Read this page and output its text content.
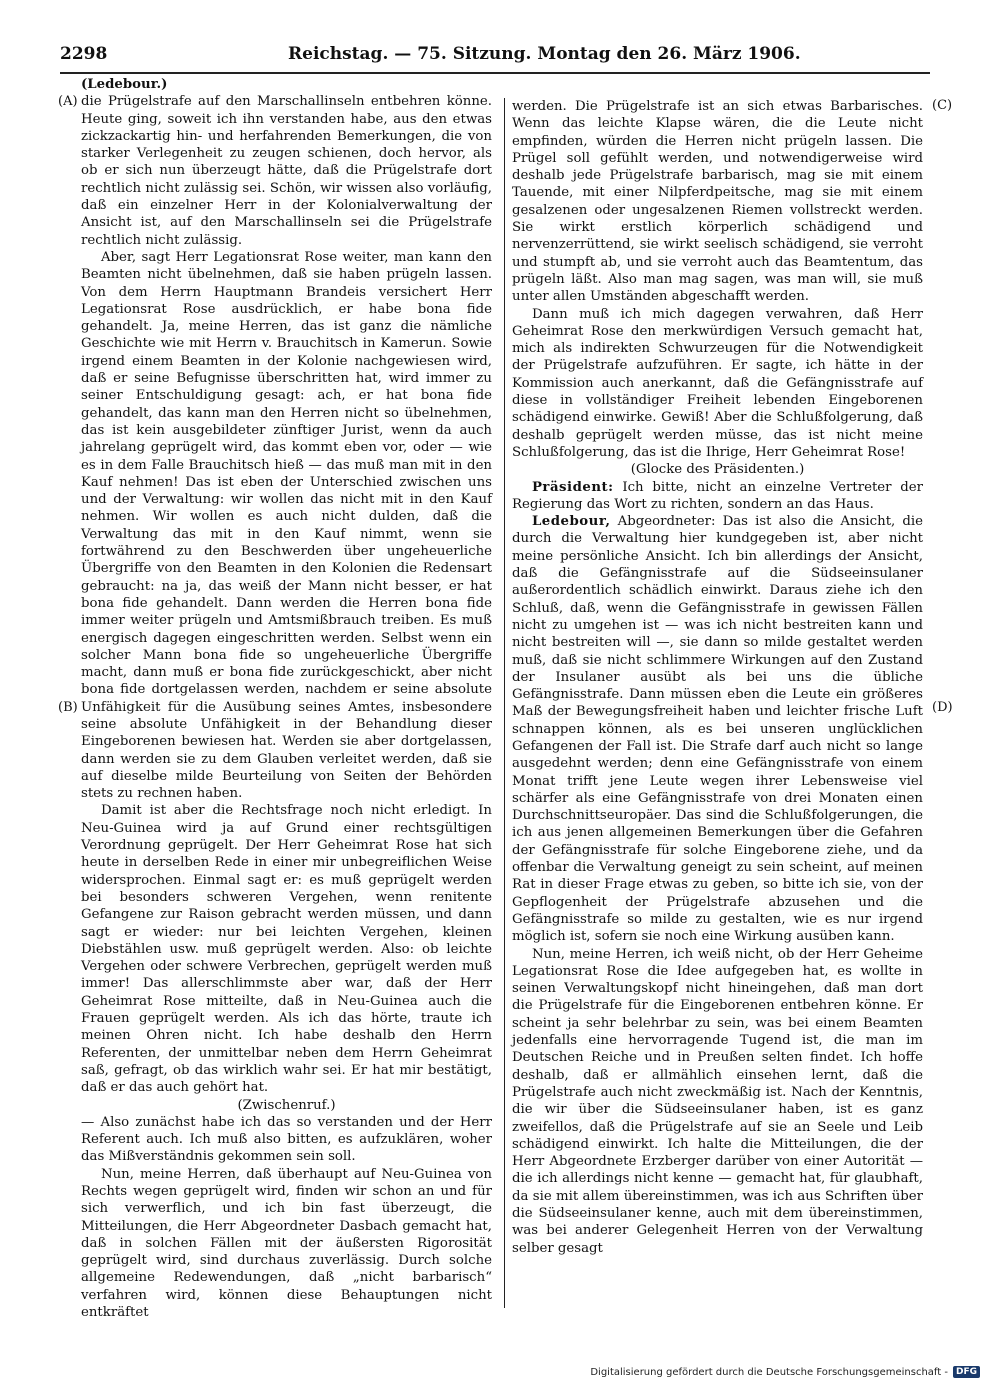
2298	Reichstag. — 75. Sitzung. Montag den 26. März 1906.
(A)
(B)
(C)
(D)

(Ledebour.)

die Prügelstrafe auf den Marschallinseln entbehren könne. Heute ging, soweit ich ihn verstanden habe, aus den etwas zickzackartig hin- und herfahrenden Bemerkungen, die von starker Verlegenheit zu zeugen schienen, doch hervor, als ob er sich nun überzeugt hätte, daß die Prügelstrafe dort rechtlich nicht zulässig sei. Schön, wir wissen also vorläufig, daß ein einzelner Herr in der Kolonialverwaltung der Ansicht ist, auf den Marschallinseln sei die Prügelstrafe rechtlich nicht zulässig.

Aber, sagt Herr Legationsrat Rose weiter, man kann den Beamten nicht übelnehmen, daß sie haben prügeln lassen. Von dem Herrn Hauptmann Brandeis versichert Herr Legationsrat Rose ausdrücklich, er habe bona fide gehandelt. Ja, meine Herren, das ist ganz die nämliche Geschichte wie mit Herrn v. Brauchitsch in Kamerun. Sowie irgend einem Beamten in der Kolonie nachgewiesen wird, daß er seine Befugnisse überschritten hat, wird immer zu seiner Entschuldigung gesagt: ach, er hat bona fide gehandelt, das kann man den Herren nicht so übelnehmen, das ist kein ausgebildeter zünftiger Jurist, wenn da auch jahrelang geprügelt wird, das kommt eben vor, oder — wie es in dem Falle Brauchitsch hieß — das muß man mit in den Kauf nehmen! Das ist eben der Unterschied zwischen uns und der Verwaltung: wir wollen das nicht mit in den Kauf nehmen. Wir wollen es auch nicht dulden, daß die Verwaltung das mit in den Kauf nimmt, wenn sie fortwährend zu den Beschwerden über ungeheuerliche Übergriffe von den Beamten in den Kolonien die Redensart gebraucht: na ja, das weiß der Mann nicht besser, er hat bona fide gehandelt. Dann werden die Herren bona fide immer weiter prügeln und Amtsmißbrauch treiben. Es muß energisch dagegen eingeschritten werden. Selbst wenn ein solcher Mann bona fide so ungeheuerliche Übergriffe macht, dann muß er bona fide zurückgeschickt, aber nicht bona fide dortgelassen werden, nachdem er seine absolute Unfähigkeit für die Ausübung seines Amtes, insbesondere seine absolute Unfähigkeit in der Behandlung dieser Eingeborenen bewiesen hat. Werden sie aber dortgelassen, dann werden sie zu dem Glauben verleitet werden, daß sie auf dieselbe milde Beurteilung von Seiten der Behörden stets zu rechnen haben.

Damit ist aber die Rechtsfrage noch nicht erledigt. In Neu-Guinea wird ja auf Grund einer rechtsgültigen Verordnung geprügelt. Der Herr Geheimrat Rose hat sich heute in derselben Rede in einer mir unbegreiflichen Weise widersprochen. Einmal sagt er: es muß geprügelt werden bei besonders schweren Vergehen, wenn renitente Gefangene zur Raison gebracht werden müssen, und dann sagt er wieder: nur bei leichten Vergehen, kleinen Diebstählen usw. muß geprügelt werden. Also: ob leichte Vergehen oder schwere Verbrechen, geprügelt werden muß immer! Das allerschlimmste aber war, daß der Herr Geheimrat Rose mitteilte, daß in Neu-Guinea auch die Frauen geprügelt werden. Als ich das hörte, traute ich meinen Ohren nicht. Ich habe deshalb den Herrn Referenten, der unmittelbar neben dem Herrn Geheimrat saß, gefragt, ob das wirklich wahr sei. Er hat mir bestätigt, daß er das auch gehört hat.

(Zwischenruf.)

— Also zunächst habe ich das so verstanden und der Herr Referent auch. Ich muß also bitten, es aufzuklären, woher das Mißverständnis gekommen sein soll.

Nun, meine Herren, daß überhaupt auf Neu-Guinea von Rechts wegen geprügelt wird, finden wir schon an und für sich verwerflich, und ich bin fast überzeugt, die Mitteilungen, die Herr Abgeordneter Dasbach gemacht hat, daß in solchen Fällen mit der äußersten Rigorosität geprügelt wird, sind durchaus zuverlässig. Durch solche allgemeine Redewendungen, daß „nicht barbarisch“ verfahren wird, können diese Behauptungen nicht entkräftet

werden. Die Prügelstrafe ist an sich etwas Barbarisches. Wenn das leichte Klapse wären, die die Leute nicht empfinden, würden die Herren nicht prügeln lassen. Die Prügel soll gefühlt werden, und notwendigerweise wird deshalb jede Prügelstrafe barbarisch, mag sie mit einem Tauende, mit einer Nilpferdpeitsche, mag sie mit einem gesalzenen oder ungesalzenen Riemen vollstreckt werden. Sie wirkt erstlich körperlich schädigend und nervenzerrüttend, sie wirkt seelisch schädigend, sie verroht und stumpft ab, und sie verroht auch das Beamtentum, das prügeln läßt. Also man mag sagen, was man will, sie muß unter allen Umständen abgeschafft werden.

Dann muß ich mich dagegen verwahren, daß Herr Geheimrat Rose den merkwürdigen Versuch gemacht hat, mich als indirekten Schwurzeugen für die Notwendigkeit der Prügelstrafe aufzuführen. Er sagte, ich hätte in der Kommission auch anerkannt, daß die Gefängnisstrafe auf diese in vollständiger Freiheit lebenden Eingeborenen schädigend einwirke. Gewiß! Aber die Schlußfolgerung, daß deshalb geprügelt werden müsse, das ist nicht meine Schlußfolgerung, das ist die Ihrige, Herr Geheimrat Rose!

(Glocke des Präsidenten.)

Präsident: Ich bitte, nicht an einzelne Vertreter der Regierung das Wort zu richten, sondern an das Haus.

Ledebour, Abgeordneter: Das ist also die Ansicht, die durch die Verwaltung hier kundgegeben ist, aber nicht meine persönliche Ansicht. Ich bin allerdings der Ansicht, daß die Gefängnisstrafe auf die Südseeinsulaner außerordentlich schädlich einwirkt. Daraus ziehe ich den Schluß, daß, wenn die Gefängnisstrafe in gewissen Fällen nicht zu umgehen ist — was ich nicht bestreiten kann und nicht bestreiten will —, sie dann so milde gestaltet werden muß, daß sie nicht schlimmere Wirkungen auf den Zustand der Insulaner ausübt als bei uns die übliche Gefängnisstrafe. Dann müssen eben die Leute ein größeres Maß der Bewegungsfreiheit haben und leichter frische Luft schnappen können, als es bei unseren unglücklichen Gefangenen der Fall ist. Die Strafe darf auch nicht so lange ausgedehnt werden; denn eine Gefängnisstrafe von einem Monat trifft jene Leute wegen ihrer Lebensweise viel schärfer als eine Gefängnisstrafe von drei Monaten einen Durchschnittseuropäer. Das sind die Schlußfolgerungen, die ich aus jenen allgemeinen Bemerkungen über die Gefahren der Gefängnisstrafe für solche Eingeborene ziehe, und da offenbar die Verwaltung geneigt zu sein scheint, auf meinen Rat in dieser Frage etwas zu geben, so bitte ich sie, von der Gepflogenheit der Prügelstrafe abzusehen und die Gefängnisstrafe so milde zu gestalten, wie es nur irgend möglich ist, sofern sie noch eine Wirkung ausüben kann.

Nun, meine Herren, ich weiß nicht, ob der Herr Geheime Legationsrat Rose die Idee aufgegeben hat, es wollte in seinen Verwaltungskopf nicht hineingehen, daß man dort die Prügelstrafe für die Eingeborenen entbehren könne. Er scheint ja sehr belehrbar zu sein, was bei einem Beamten jedenfalls eine hervorragende Tugend ist, die man im Deutschen Reiche und in Preußen selten findet. Ich hoffe deshalb, daß er allmählich einsehen lernt, daß die Prügelstrafe auch nicht zweckmäßig ist. Nach der Kenntnis, die wir über die Südseeinsulaner haben, ist es ganz zweifellos, daß die Prügelstrafe auf sie an Seele und Leib schädigend einwirkt. Ich halte die Mitteilungen, die der Herr Abgeordnete Erzberger darüber von einer Autorität — die ich allerdings nicht kenne — gemacht hat, für glaubhaft, da sie mit allem übereinstimmen, was ich aus Schriften über die Südseeinsulaner kenne, auch mit dem übereinstimmen, was bei anderer Gelegenheit Herren von der Verwaltung selber gesagt

Digitalisierung gefördert durch die Deutsche Forschungsgemeinschaft - DFG
